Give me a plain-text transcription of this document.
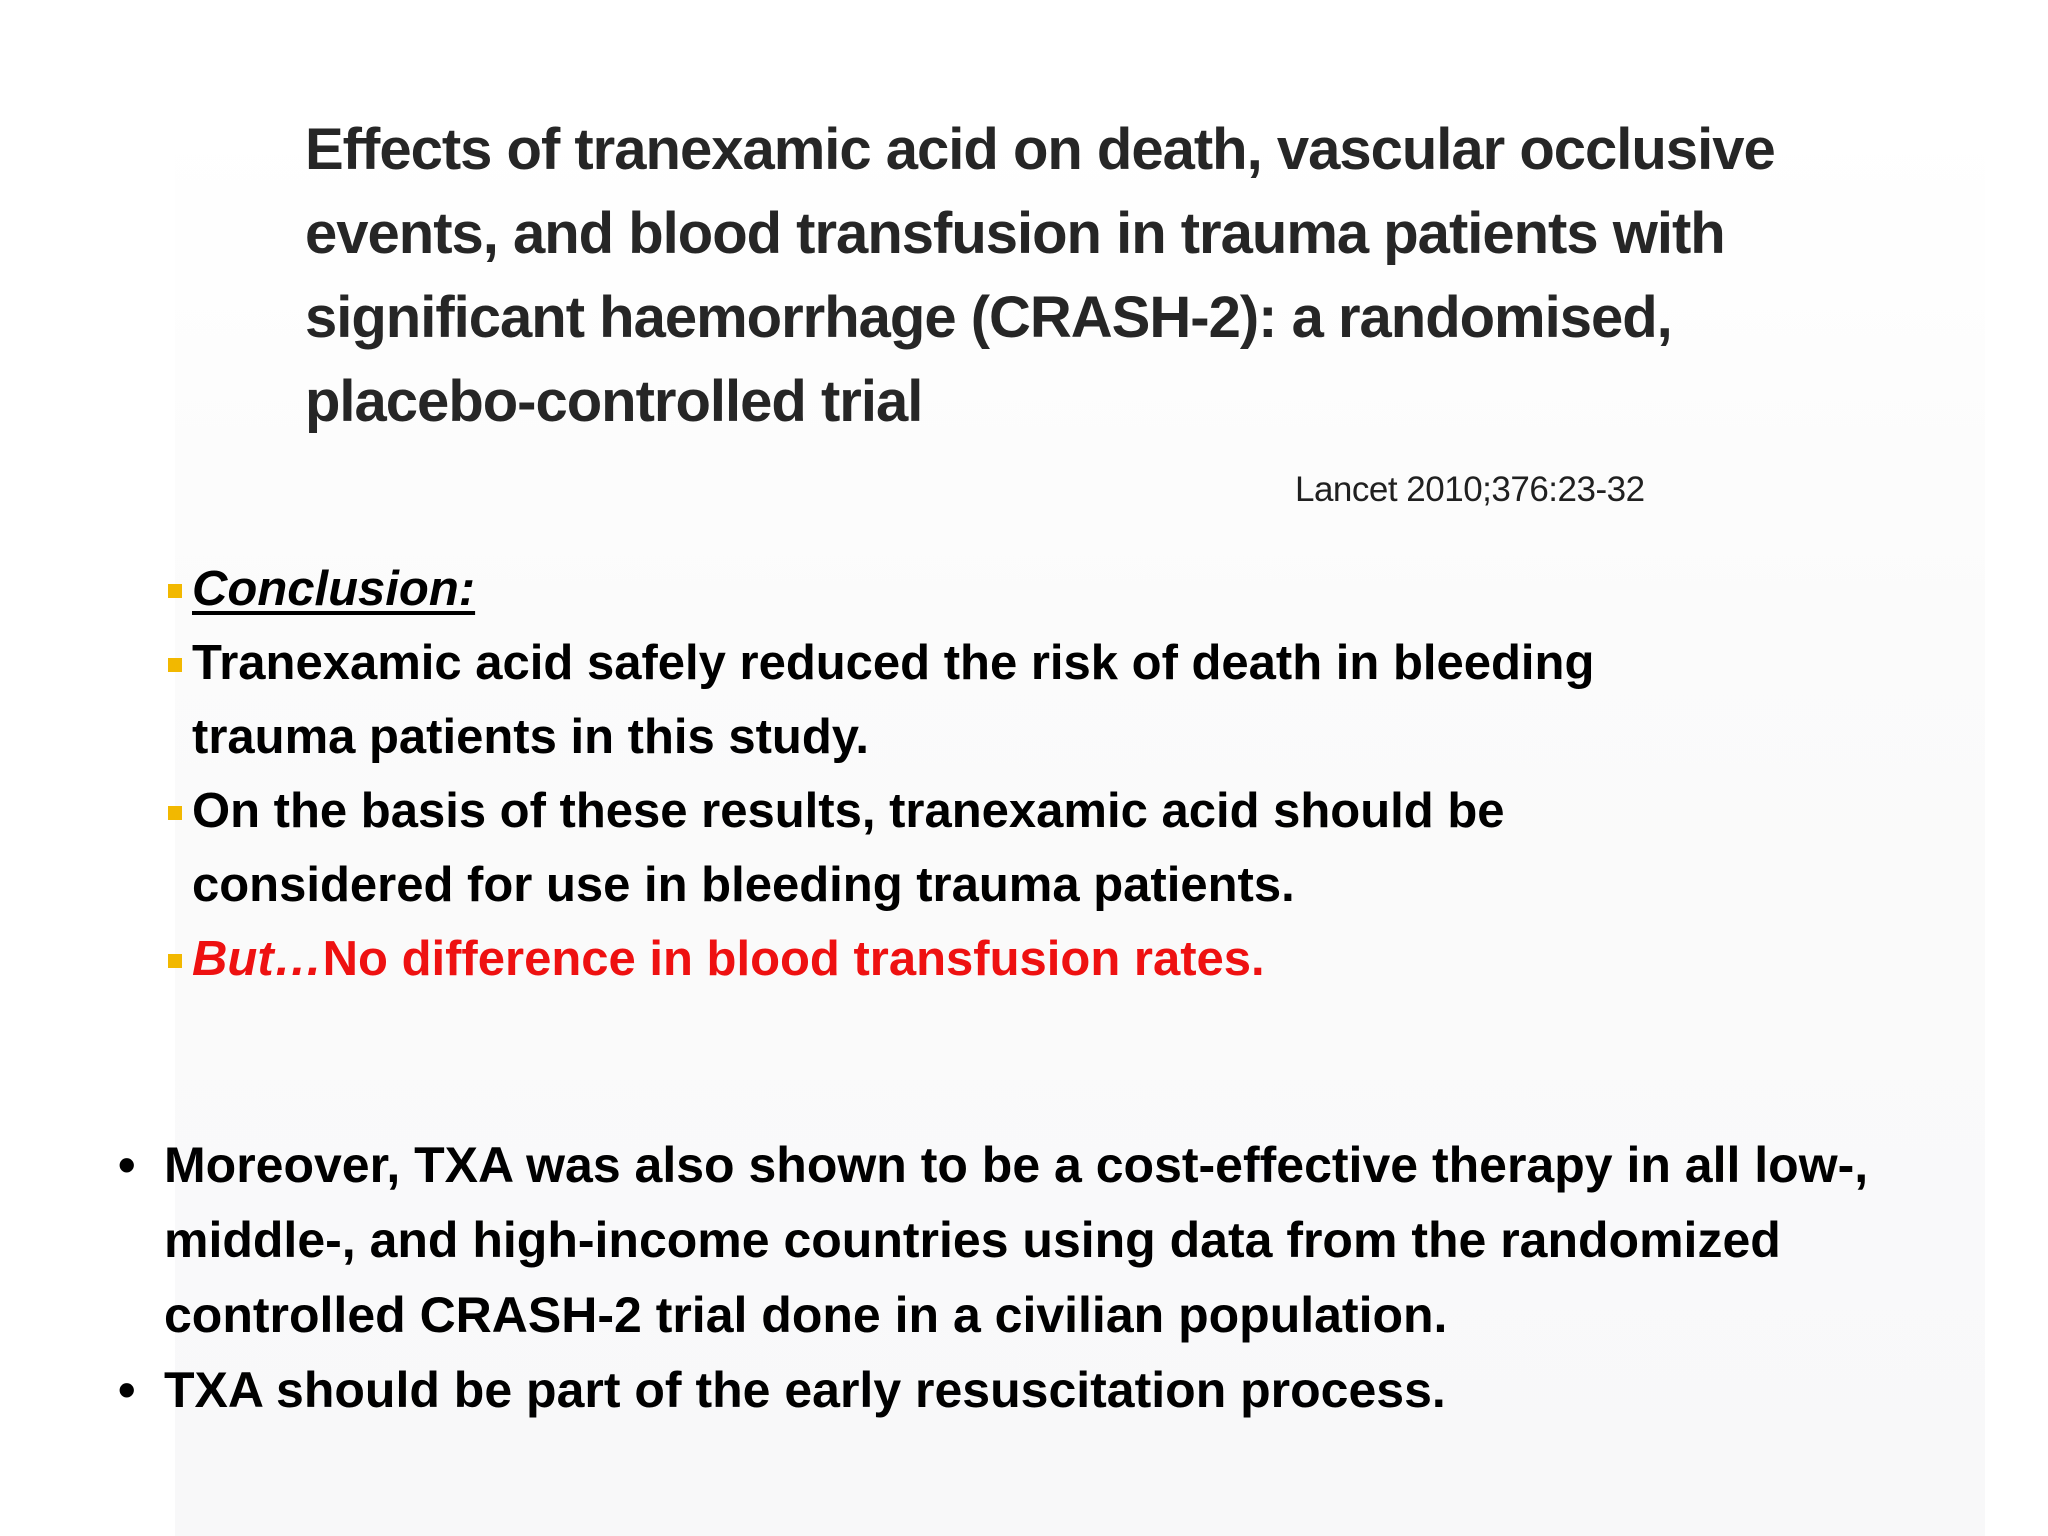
Effects of tranexamic acid on death, vascular occlusive events, and blood transfusion in trauma patients with significant haemorrhage (CRASH-2): a randomised, placebo-controlled trial
Lancet 2010;376:23-32
Conclusion:
Tranexamic acid safely reduced the risk of death in bleeding trauma patients in this study.
On the basis of these results, tranexamic acid should be considered for use in bleeding trauma patients.
But…No difference in blood transfusion rates.
• Moreover, TXA was also shown to be a cost-effective therapy in all low-, middle-, and high-income countries using data from the randomized controlled CRASH-2 trial done in a civilian population.
• TXA should be part of the early resuscitation process.
